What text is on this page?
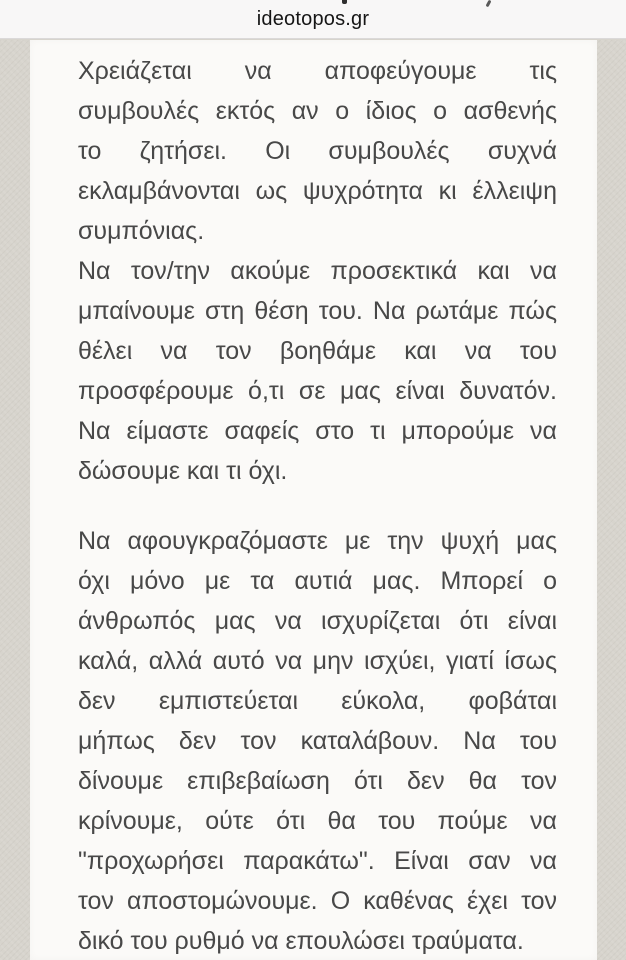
ideotopos.gr
Χρειάζεται να αποφεύγουμε τις
συμβουλές εκτός αν ο ίδιος ο ασθενής
το ζητήσει. Οι συμβουλές συχνά
εκλαμβάνονται ως ψυχρότητα κι έλλειψη
συμπόνιας.
Να τον/την ακούμε προσεκτικά και να
μπαίνουμε στη θέση του. Να ρωτάμε πώς
θέλει να τον βοηθάμε και να του
προσφέρουμε ό,τι σε μας είναι δυνατόν.
Να είμαστε σαφείς στο τι μπορούμε να
δώσουμε και τι όχι.
Να αφουγκραζόμαστε με την ψυχή μας
όχι μόνο με τα αυτιά μας. Μπορεί ο
άνθρωπός μας να ισχυρίζεται ότι είναι
καλά, αλλά αυτό να μην ισχύει, γιατί ίσως
δεν εμπιστεύεται εύκολα, φοβάται
μήπως δεν τον καταλάβουν. Να του
δίνουμε επιβεβαίωση ότι δεν θα τον
κρίνουμε, ούτε ότι θα του πούμε να
"προχωρήσει παρακάτω". Είναι σαν να
τον αποστομώνουμε. Ο καθένας έχει τον
δικό του ρυθμό να επουλώσει τραύματα.
